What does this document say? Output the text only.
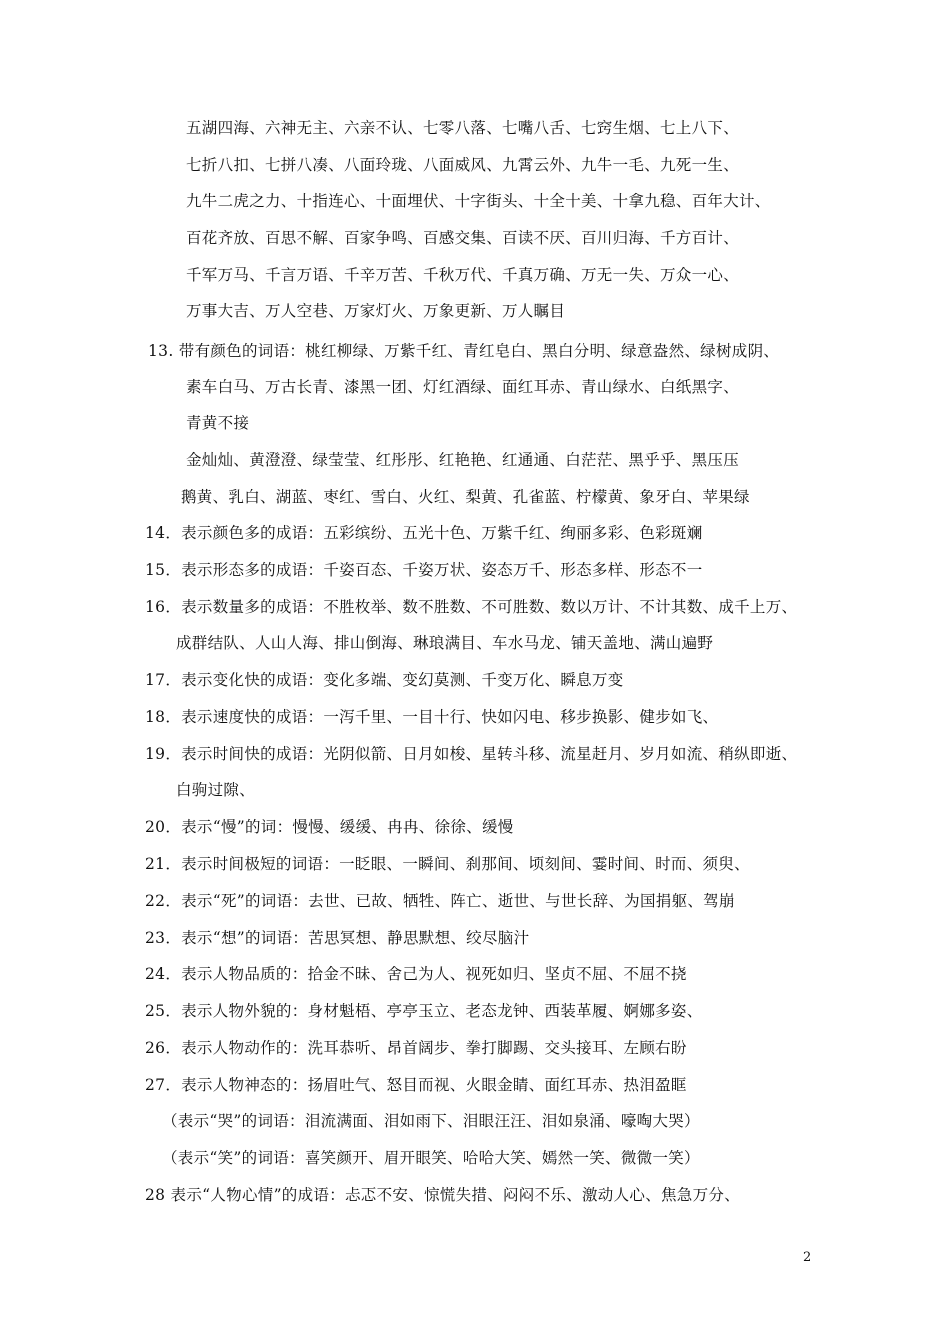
五湖四海、六神无主、六亲不认、七零八落、七嘴八舌、七窍生烟、七上八下、
七折八扣、七拼八凑、八面玲珑、八面威风、九霄云外、九牛一毛、九死一生、
九牛二虎之力、十指连心、十面埋伏、十字街头、十全十美、十拿九稳、百年大计、
百花齐放、百思不解、百家争鸣、百感交集、百读不厌、百川归海、千方百计、
千军万马、千言万语、千辛万苦、千秋万代、千真万确、万无一失、万众一心、
万事大吉、万人空巷、万家灯火、万象更新、万人瞩目
13. 带有颜色的词语：桃红柳绿、万紫千红、青红皂白、黑白分明、绿意盎然、绿树成阴、
素车白马、万古长青、漆黑一团、灯红酒绿、面红耳赤、青山绿水、白纸黑字、
青黄不接
金灿灿、黄澄澄、绿莹莹、红彤彤、红艳艳、红通通、白茫茫、黑乎乎、黑压压
鹅黄、乳白、湖蓝、枣红、雪白、火红、梨黄、孔雀蓝、柠檬黄、象牙白、苹果绿
14．表示颜色多的成语：五彩缤纷、五光十色、万紫千红、绚丽多彩、色彩斑斓
15．表示形态多的成语：千姿百态、千姿万状、姿态万千、形态多样、形态不一
16．表示数量多的成语：不胜枚举、数不胜数、不可胜数、数以万计、不计其数、成千上万、
成群结队、人山人海、排山倒海、琳琅满目、车水马龙、铺天盖地、满山遍野
17．表示变化快的成语：变化多端、变幻莫测、千变万化、瞬息万变
18．表示速度快的成语：一泻千里、一目十行、快如闪电、移步换影、健步如飞、
19．表示时间快的成语：光阴似箭、日月如梭、星转斗移、流星赶月、岁月如流、稍纵即逝、
白驹过隙、
20．表示“慢”的词：慢慢、缓缓、冉冉、徐徐、缓慢
21．表示时间极短的词语：一眨眼、一瞬间、刹那间、顷刻间、霎时间、时而、须臾、
22．表示“死”的词语：去世、已故、牺牲、阵亡、逝世、与世长辞、为国捐躯、驾崩
23．表示“想”的词语：苦思冥想、静思默想、绞尽脑汁
24．表示人物品质的：拾金不昧、舍己为人、视死如归、坚贞不屈、不屈不挠
25．表示人物外貌的：身材魁梧、亭亭玉立、老态龙钟、西装革履、婀娜多姿、
26．表示人物动作的：洗耳恭听、昂首阔步、拳打脚踢、交头接耳、左顾右盼
27．表示人物神态的：扬眉吐气、怒目而视、火眼金睛、面红耳赤、热泪盈眶
（表示“哭”的词语：泪流满面、泪如雨下、泪眼汪汪、泪如泉涌、嚎啕大哭）
（表示“笑”的词语：喜笑颜开、眉开眼笑、哈哈大笑、嫣然一笑、微微一笑）
28 表示“人物心情”的成语：忐忑不安、惊慌失措、闷闷不乐、激动人心、焦急万分、
2
